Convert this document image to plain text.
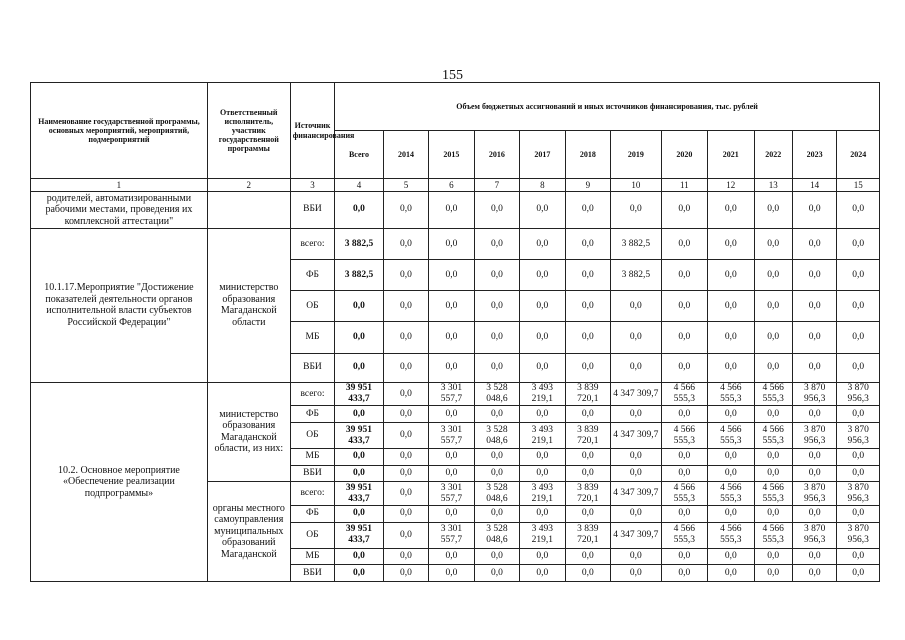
155
Наименование государственной программы, основных мероприятий, мероприятий, подмероприятий	Ответственный исполнитель, участник государственной программы	Источник финансирования	Объем бюджетных ассигнований и иных источников финансирования, тыс. рублей											
			Всего	2014	2015	2016	2017	2018	2019	2020	2021	2022	2023	2024
1	2	3	4	5	6	7	8	9	10	11	12	13	14	15
родителей, автоматизированными рабочими местами, проведения их комплексной аттестации"		ВБИ	0,0	0,0	0,0	0,0	0,0	0,0	0,0	0,0	0,0	0,0	0,0	0,0
10.1.17.Мероприятие "Достижение показателей деятельности органов исполнительной власти субъектов Российской Федерации"	министерство образования Магаданской области	всего:	3 882,5	0,0	0,0	0,0	0,0	0,0	3 882,5	0,0	0,0	0,0	0,0	0,0
		ФБ	3 882,5	0,0	0,0	0,0	0,0	0,0	3 882,5	0,0	0,0	0,0	0,0	0,0
		ОБ	0,0	0,0	0,0	0,0	0,0	0,0	0,0	0,0	0,0	0,0	0,0	0,0
		МБ	0,0	0,0	0,0	0,0	0,0	0,0	0,0	0,0	0,0	0,0	0,0	0,0
		ВБИ	0,0	0,0	0,0	0,0	0,0	0,0	0,0	0,0	0,0	0,0	0,0	0,0
10.2. Основное мероприятие «Обеспечение реализации подпрограммы»	министерство образования Магаданской области, из них:	всего:	39 951 433,7	0,0	3 301 557,7	3 528 048,6	3 493 219,1	3 839 720,1	4 347 309,7	4 566 555,3	4 566 555,3	4 566 555,3	3 870 956,3	3 870 956,3
		ФБ	0,0	0,0	0,0	0,0	0,0	0,0	0,0	0,0	0,0	0,0	0,0	0,0
		ОБ	39 951 433,7	0,0	3 301 557,7	3 528 048,6	3 493 219,1	3 839 720,1	4 347 309,7	4 566 555,3	4 566 555,3	4 566 555,3	3 870 956,3	3 870 956,3
		МБ	0,0	0,0	0,0	0,0	0,0	0,0	0,0	0,0	0,0	0,0	0,0	0,0
		ВБИ	0,0	0,0	0,0	0,0	0,0	0,0	0,0	0,0	0,0	0,0	0,0	0,0
	органы местного самоуправления муниципальных образований Магаданской	всего:	39 951 433,7	0,0	3 301 557,7	3 528 048,6	3 493 219,1	3 839 720,1	4 347 309,7	4 566 555,3	4 566 555,3	4 566 555,3	3 870 956,3	3 870 956,3
		ФБ	0,0	0,0	0,0	0,0	0,0	0,0	0,0	0,0	0,0	0,0	0,0	0,0
		ОБ	39 951 433,7	0,0	3 301 557,7	3 528 048,6	3 493 219,1	3 839 720,1	4 347 309,7	4 566 555,3	4 566 555,3	4 566 555,3	3 870 956,3	3 870 956,3
		МБ	0,0	0,0	0,0	0,0	0,0	0,0	0,0	0,0	0,0	0,0	0,0	0,0
		ВБИ	0,0	0,0	0,0	0,0	0,0	0,0	0,0	0,0	0,0	0,0	0,0	0,0
